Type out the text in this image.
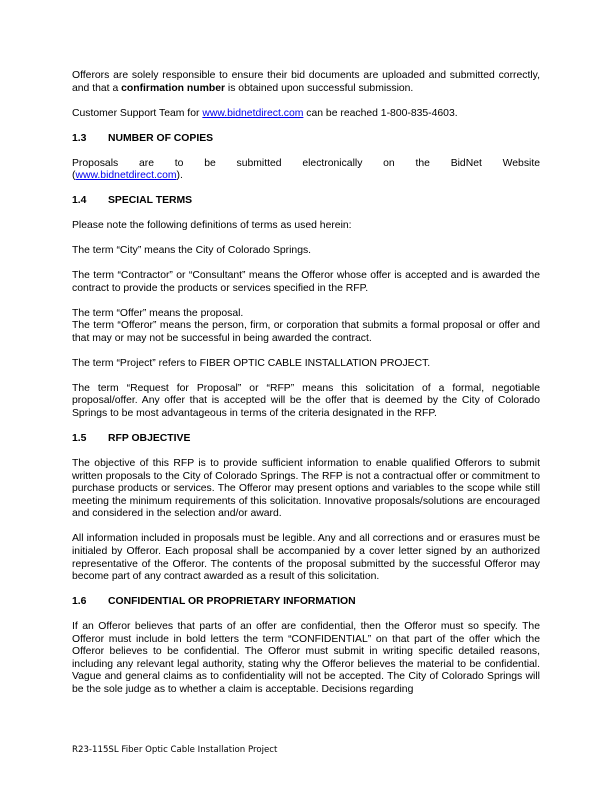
Offerors are solely responsible to ensure their bid documents are uploaded and submitted correctly, and that a confirmation number is obtained upon successful submission.

Customer Support Team for www.bidnetdirect.com can be reached 1-800-835-4603.

1.3	NUMBER OF COPIES

Proposals are to be submitted electronically on the BidNet Website

(www.bidnetdirect.com).

1.4	SPECIAL TERMS

Please note the following definitions of terms as used herein:

The term “City” means the City of Colorado Springs.

The term “Contractor” or “Consultant” means the Offeror whose offer is accepted and is awarded the contract to provide the products or services specified in the RFP.

The term “Offer” means the proposal.

The term “Offeror” means the person, firm, or corporation that submits a formal proposal or offer and that may or may not be successful in being awarded the contract.

The term “Project” refers to FIBER OPTIC CABLE INSTALLATION PROJECT.

The term “Request for Proposal” or “RFP” means this solicitation of a formal, negotiable proposal/offer. Any offer that is accepted will be the offer that is deemed by the City of Colorado Springs to be most advantageous in terms of the criteria designated in the RFP.

1.5	RFP OBJECTIVE

The objective of this RFP is to provide sufficient information to enable qualified Offerors to submit written proposals to the City of Colorado Springs. The RFP is not a contractual offer or commitment to purchase products or services. The Offeror may present options and variables to the scope while still meeting the minimum requirements of this solicitation. Innovative proposals/solutions are encouraged and considered in the selection and/or award.

All information included in proposals must be legible. Any and all corrections and or erasures must be initialed by Offeror. Each proposal shall be accompanied by a cover letter signed by an authorized representative of the Offeror. The contents of the proposal submitted by the successful Offeror may become part of any contract awarded as a result of this solicitation.

1.6	CONFIDENTIAL OR PROPRIETARY INFORMATION

If an Offeror believes that parts of an offer are confidential, then the Offeror must so specify. The Offeror must include in bold letters the term “CONFIDENTIAL” on that part of the offer which the Offeror believes to be confidential. The Offeror must submit in writing specific detailed reasons, including any relevant legal authority, stating why the Offeror believes the material to be confidential. Vague and general claims as to confidentiality will not be accepted. The City of Colorado Springs will be the sole judge as to whether a claim is acceptable. Decisions regarding

R23-115SL Fiber Optic Cable Installation Project
